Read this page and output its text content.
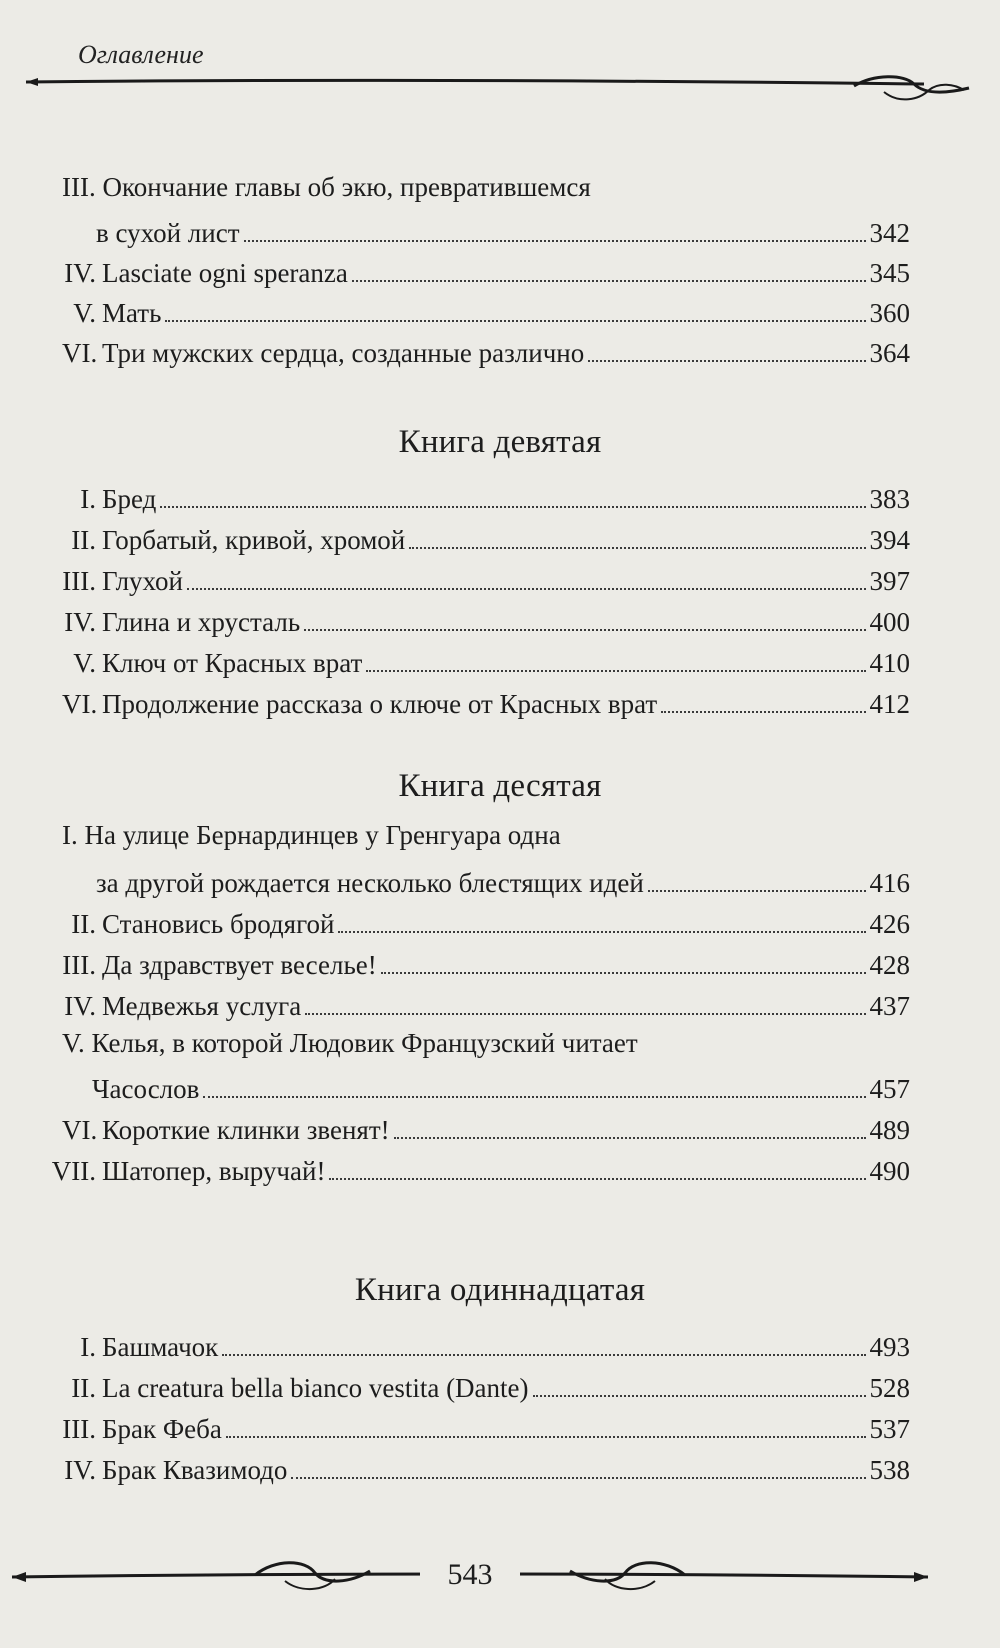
Оглавление
III. Окончание главы об экю, превратившемся
в сухой лист	342
IV. Lasciate ogni speranza	345
V. Мать	360
VI. Три мужских сердца, созданные различно	364
Книга девятая
I. Бред	383
II. Горбатый, кривой, хромой	394
III. Глухой	397
IV. Глина и хрусталь	400
V. Ключ от Красных врат	410
VI. Продолжение рассказа о ключе от Красных врат	412
Книга десятая
I. На улице Бернардинцев у Гренгуара одна
за другой рождается несколько блестящих идей	416
II. Становись бродягой	426
III. Да здравствует веселье!	428
IV. Медвежья услуга	437
V. Келья, в которой Людовик Французский читает
Часослов	457
VI. Короткие клинки звенят!	489
VII. Шатопер, выручай!	490
Книга одиннадцатая
I. Башмачок	493
II. La creatura bella bianco vestita (Dante)	528
III. Брак Феба	537
IV. Брак Квазимодо	538
543
